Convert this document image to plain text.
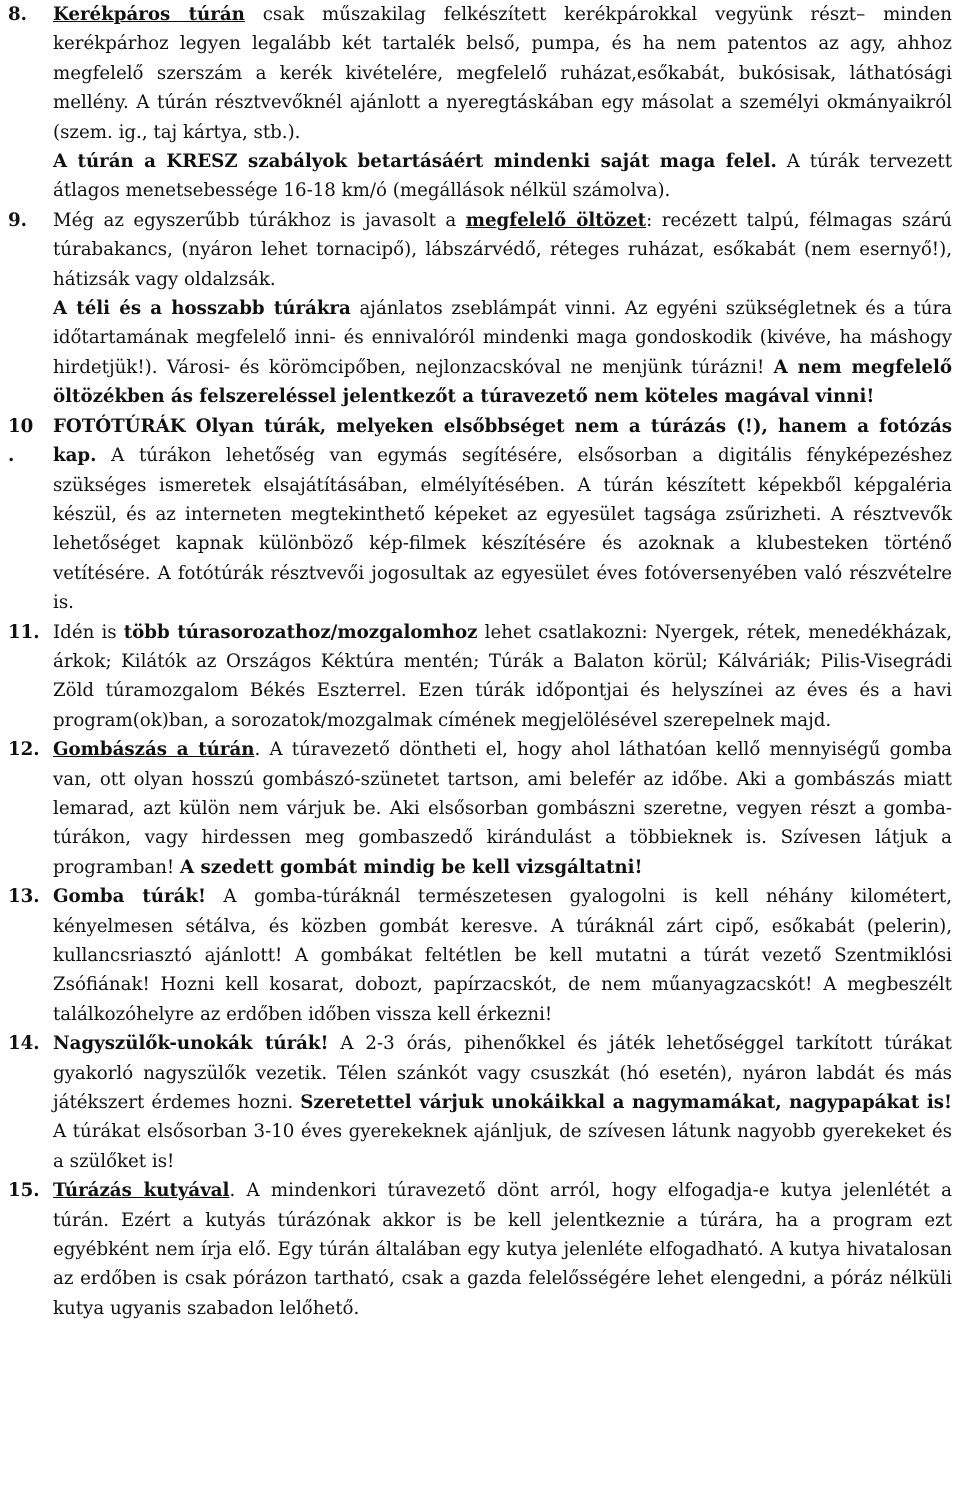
8.	Kerékpáros túrán csak műszakilag felkészített kerékpárokkal vegyünk részt– minden kerékpárhoz legyen legalább két tartalék belső, pumpa, és ha nem patentos az agy, ahhoz megfelelő szerszám a kerék kivételére, megfelelő ruházat,esőkabát, bukósisak, láthatósági mellény. A túrán résztvevőknél ajánlott a nyeregtáskában egy másolat a személyi okmányaikról (szem. ig., taj kártya, stb.).

A túrán a KRESZ szabályok betartásáért mindenki saját maga felel. A túrák tervezett átlagos menetsebessége 16-18 km/ó (megállások nélkül számolva).

9.	Még az egyszerűbb túrákhoz is javasolt a megfelelő öltözet: recézett talpú, félmagas szárú túrabakancs, (nyáron lehet tornacipő), lábszárvédő, réteges ruházat, esőkabát (nem esernyő!), hátizsák vagy oldalzsák.

A téli és a hosszabb túrákra ajánlatos zseblámpát vinni. Az egyéni szükségletnek és a túra időtartamának megfelelő inni- és ennivalóról mindenki maga gondoskodik (kivéve, ha máshogy hirdetjük!). Városi- és körömcipőben, nejlonzacskóval ne menjünk túrázni! A nem megfelelő öltözékben ás felszereléssel jelentkezőt a túravezető nem köteles magával vinni!

10
.

FOTÓTÚRÁK Olyan túrák, melyeken elsőbbséget nem a túrázás (!), hanem a fotózás kap. A túrákon lehetőség van egymás segítésére, elsősorban a digitális fényképezéshez szükséges ismeretek elsajátításában, elmélyítésében. A túrán készített képekből képgaléria készül, és az interneten megtekinthető képeket az egyesület tagsága zsűrizheti. A résztvevők lehetőséget kapnak különböző kép-filmek készítésére és azoknak a klubesteken történő vetítésére. A fotótúrák résztvevői jogosultak az egyesület éves fotóversenyében való részvételre is.

11. Idén is több túrasorozathoz/mozgalomhoz lehet csatlakozni: Nyergek, rétek, menedékházak, árkok; Kilátók az Országos Kéktúra mentén; Túrák a Balaton körül; Kálváriák; Pilis-Visegrádi Zöld túramozgalom Békés Eszterrel. Ezen túrák időpontjai és helyszínei az éves és a havi program(ok)ban, a sorozatok/mozgalmak címének megjelölésével szerepelnek majd.

12. Gombászás a túrán. A túravezető döntheti el, hogy ahol láthatóan kellő mennyiségű gomba van, ott olyan hosszú gombászó-szünetet tartson, ami belefér az időbe. Aki a gombászás miatt lemarad, azt külön nem várjuk be. Aki elsősorban gombászni szeretne, vegyen részt a gomba-túrákon, vagy hirdessen meg gombaszedő kirándulást a többieknek is. Szívesen látjuk a programban! A szedett gombát mindig be kell vizsgáltatni!

13. Gomba túrák! A gomba-túráknál természetesen gyalogolni is kell néhány kilométert, kényelmesen sétálva, és közben gombát keresve. A túráknál zárt cipő, esőkabát (pelerin), kullancsriasztó ajánlott! A gombákat feltétlen be kell mutatni a túrát vezető Szentmiklósi Zsófiának! Hozni kell kosarat, dobozt, papírzacskót, de nem műanyagzacskót! A megbeszélt találkozóhelyre az erdőben időben vissza kell érkezni!

14. Nagyszülők-unokák túrák! A 2-3 órás, pihenőkkel és játék lehetőséggel tarkított túrákat gyakorló nagyszülők vezetik. Télen szánkót vagy csuszkát (hó esetén), nyáron labdát és más játékszert érdemes hozni. Szeretettel várjuk unokáikkal a nagymamákat, nagypapákat is! A túrákat elsősorban 3-10 éves gyerekeknek ajánljuk, de szívesen látunk nagyobb gyerekeket és a szülőket is!

15. Túrázás kutyával. A mindenkori túravezető dönt arról, hogy elfogadja-e kutya jelenlétét a túrán. Ezért a kutyás túrázónak akkor is be kell jelentkeznie a túrára, ha a program ezt egyébként nem írja elő. Egy túrán általában egy kutya jelenléte elfogadható. A kutya hivatalosan az erdőben is csak pórázon tartható, csak a gazda felelősségére lehet elengedni, a póráz nélküli kutya ugyanis szabadon lelőhető.
